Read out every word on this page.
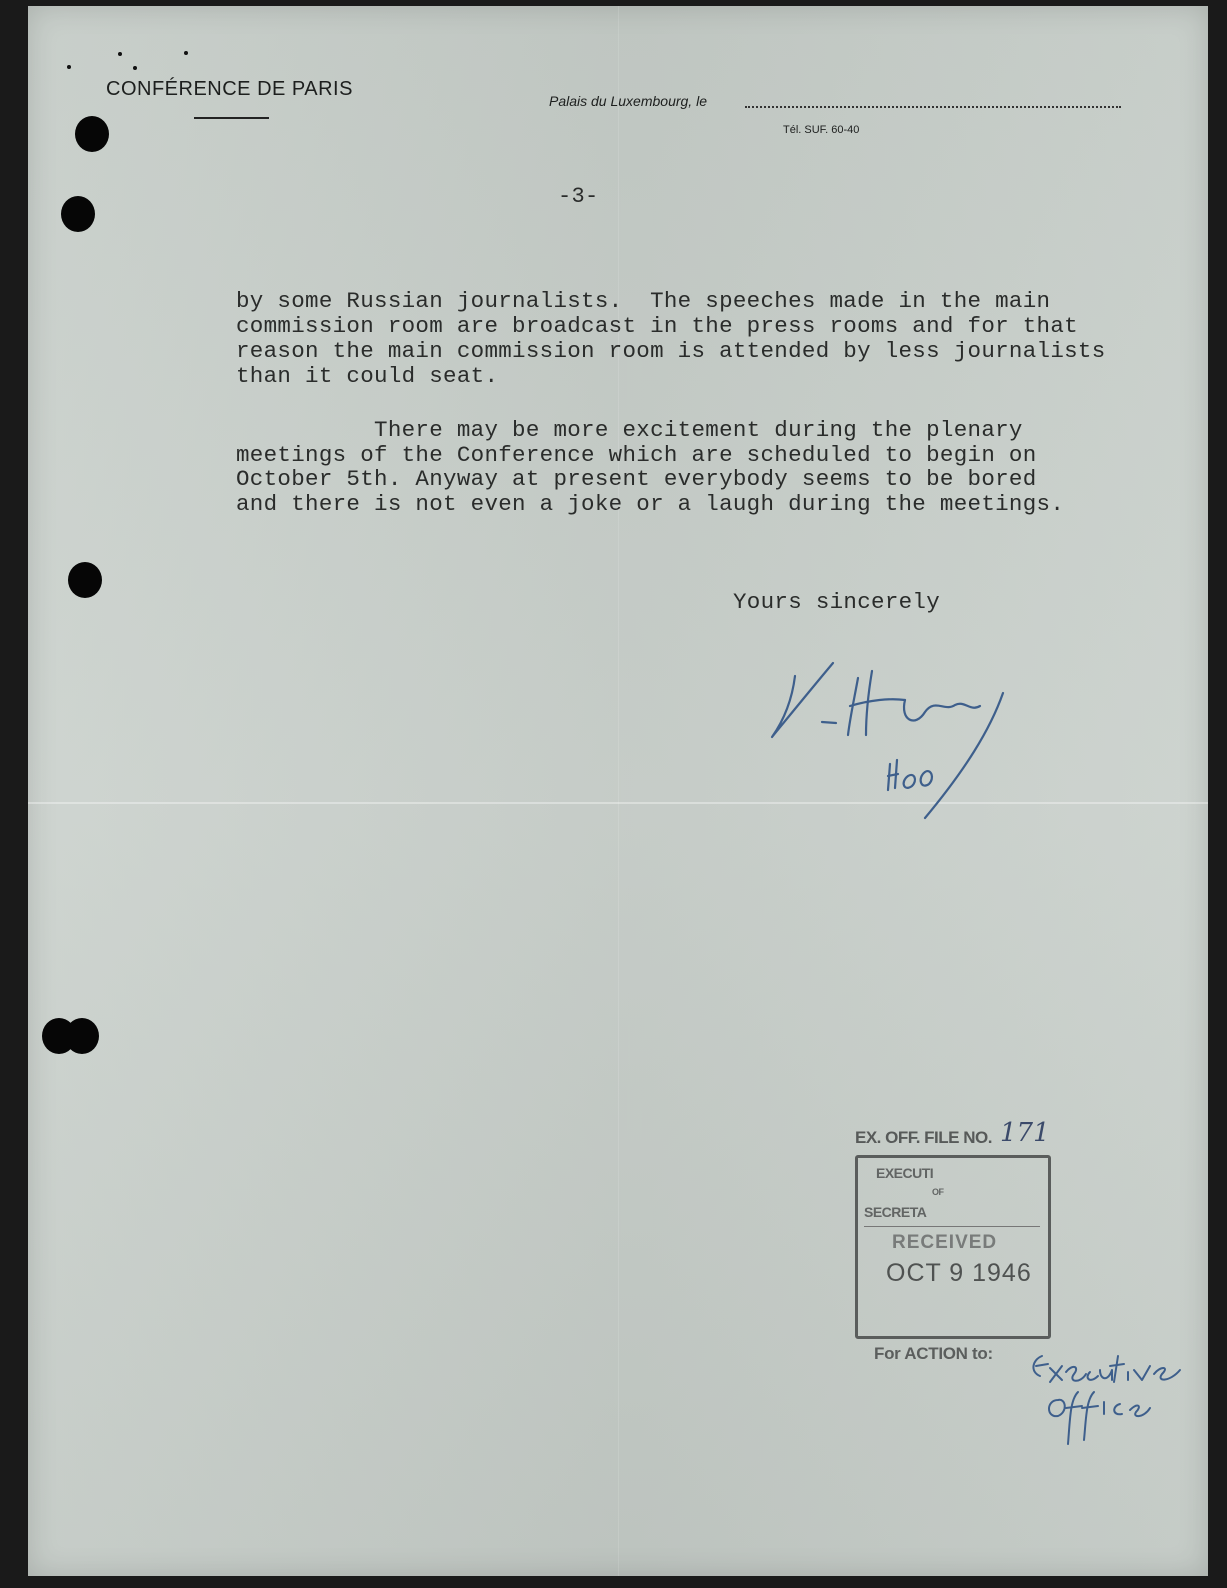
CONFÉRENCE DE PARIS
Palais du Luxembourg, le
Tél. SUF. 60-40
-3-
by some Russian journalists.  The speeches made in the main
commission room are broadcast in the press rooms and for that
reason the main commission room is attended by less journalists
than it could seat.
There may be more excitement during the plenary
meetings of the Conference which are scheduled to begin on
October 5th. Anyway at present everybody seems to be bored
and there is not even a joke or a laugh during the meetings.
Yours sincerely
EX. OFF. FILE NO. 171
EXECUTI
OF
SECRETA
RECEIVED
OCT 9 1946
For ACTION to:
